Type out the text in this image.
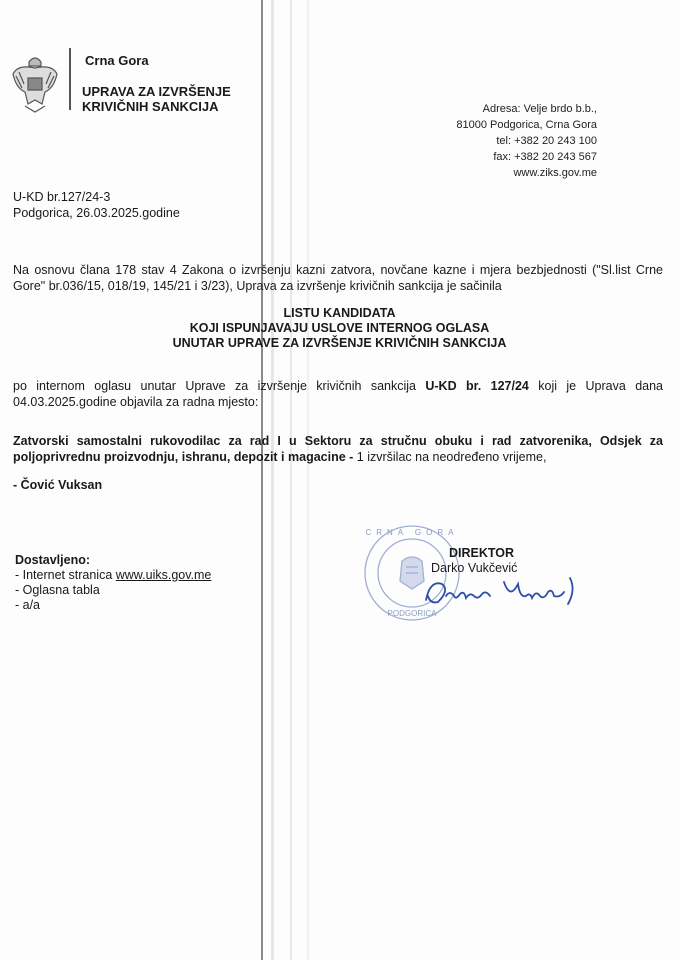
Crna Gora
UPRAVA ZA IZVRŠENJE
KRIVIČNIH SANKCIJA	Adresa: Velje brdo b.b.,
81000 Podgorica, Crna Gora
tel: +382 20 243 100
fax: +382 20 243 567
www.ziks.gov.me
U-KD br.127/24-3
Podgorica, 26.03.2025.godine
Na osnovu člana 178 stav 4 Zakona o izvršenju kazni zatvora, novčane kazne i mjera bezbjednosti ("Sl.list Crne Gore" br.036/15, 018/19, 145/21 i 3/23), Uprava za izvršenje krivičnih sankcija je sačinila
LISTU KANDIDATA
KOJI ISPUNJAVAJU USLOVE INTERNOG OGLASA
UNUTAR UPRAVE ZA IZVRŠENJE KRIVIČNIH SANKCIJA
po internom oglasu unutar Uprave za izvršenje krivičnih sankcija U-KD br. 127/24 koji je Uprava dana 04.03.2025.godine objavila za radna mjesto:
Zatvorski samostalni rukovodilac za rad I u Sektoru za stručnu obuku i rad zatvorenika, Odsjek za poljoprivrednu proizvodnju, ishranu, depozit i magacine - 1 izvršilac na neodređeno vrijeme,
- Čović Vuksan
Dostavljeno:
- Internet stranica www.uiks.gov.me
- Oglasna tabla
- a/a
PODGORICA
CRNA GORA
DIREKTOR
Darko Vukčević
